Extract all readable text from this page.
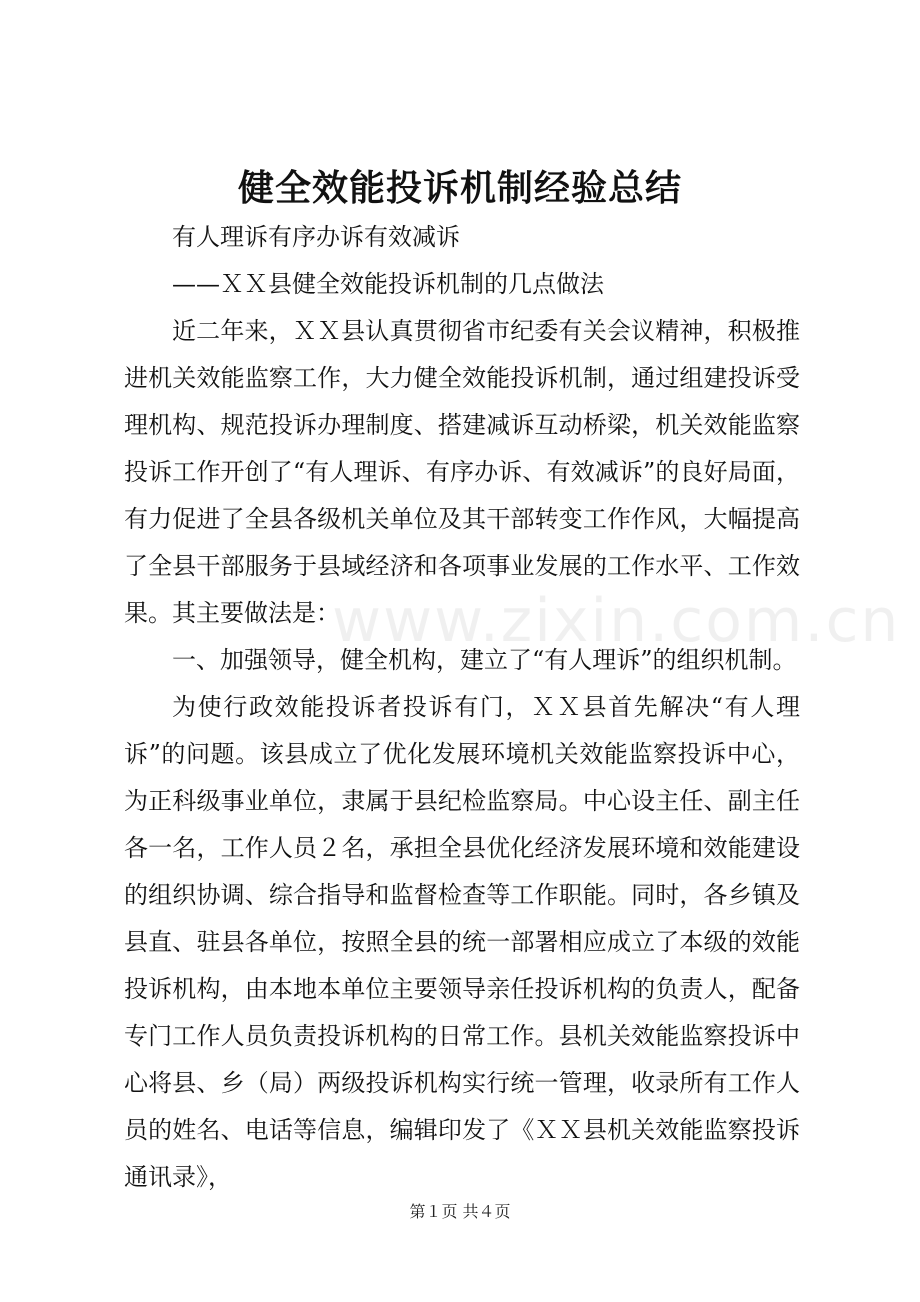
健全效能投诉机制经验总结

有人理诉有序办诉有效减诉

——ＸＸ县健全效能投诉机制的几点做法

近二年来，ＸＸ县认真贯彻省市纪委有关会议精神，积极推进机关效能监察工作，大力健全效能投诉机制，通过组建投诉受理机构、规范投诉办理制度、搭建减诉互动桥梁，机关效能监察投诉工作开创了“有人理诉、有序办诉、有效减诉”的良好局面，有力促进了全县各级机关单位及其干部转变工作作风，大幅提高了全县干部服务于县域经济和各项事业发展的工作水平、工作效果。其主要做法是：

一、加强领导，健全机构，建立了“有人理诉”的组织机制。

为使行政效能投诉者投诉有门，ＸＸ县首先解决“有人理诉”的问题。该县成立了优化发展环境机关效能监察投诉中心，为正科级事业单位，隶属于县纪检监察局。中心设主任、副主任各一名，工作人员２名，承担全县优化经济发展环境和效能建设的组织协调、综合指导和监督检查等工作职能。同时，各乡镇及县直、驻县各单位，按照全县的统一部署相应成立了本级的效能投诉机构，由本地本单位主要领导亲任投诉机构的负责人，配备专门工作人员负责投诉机构的日常工作。县机关效能监察投诉中心将县、乡（局）两级投诉机构实行统一管理，收录所有工作人员的姓名、电话等信息，编辑印发了《ＸＸ县机关效能监察投诉通讯录》，

www.zixin.com.cn
第１页 共４页
